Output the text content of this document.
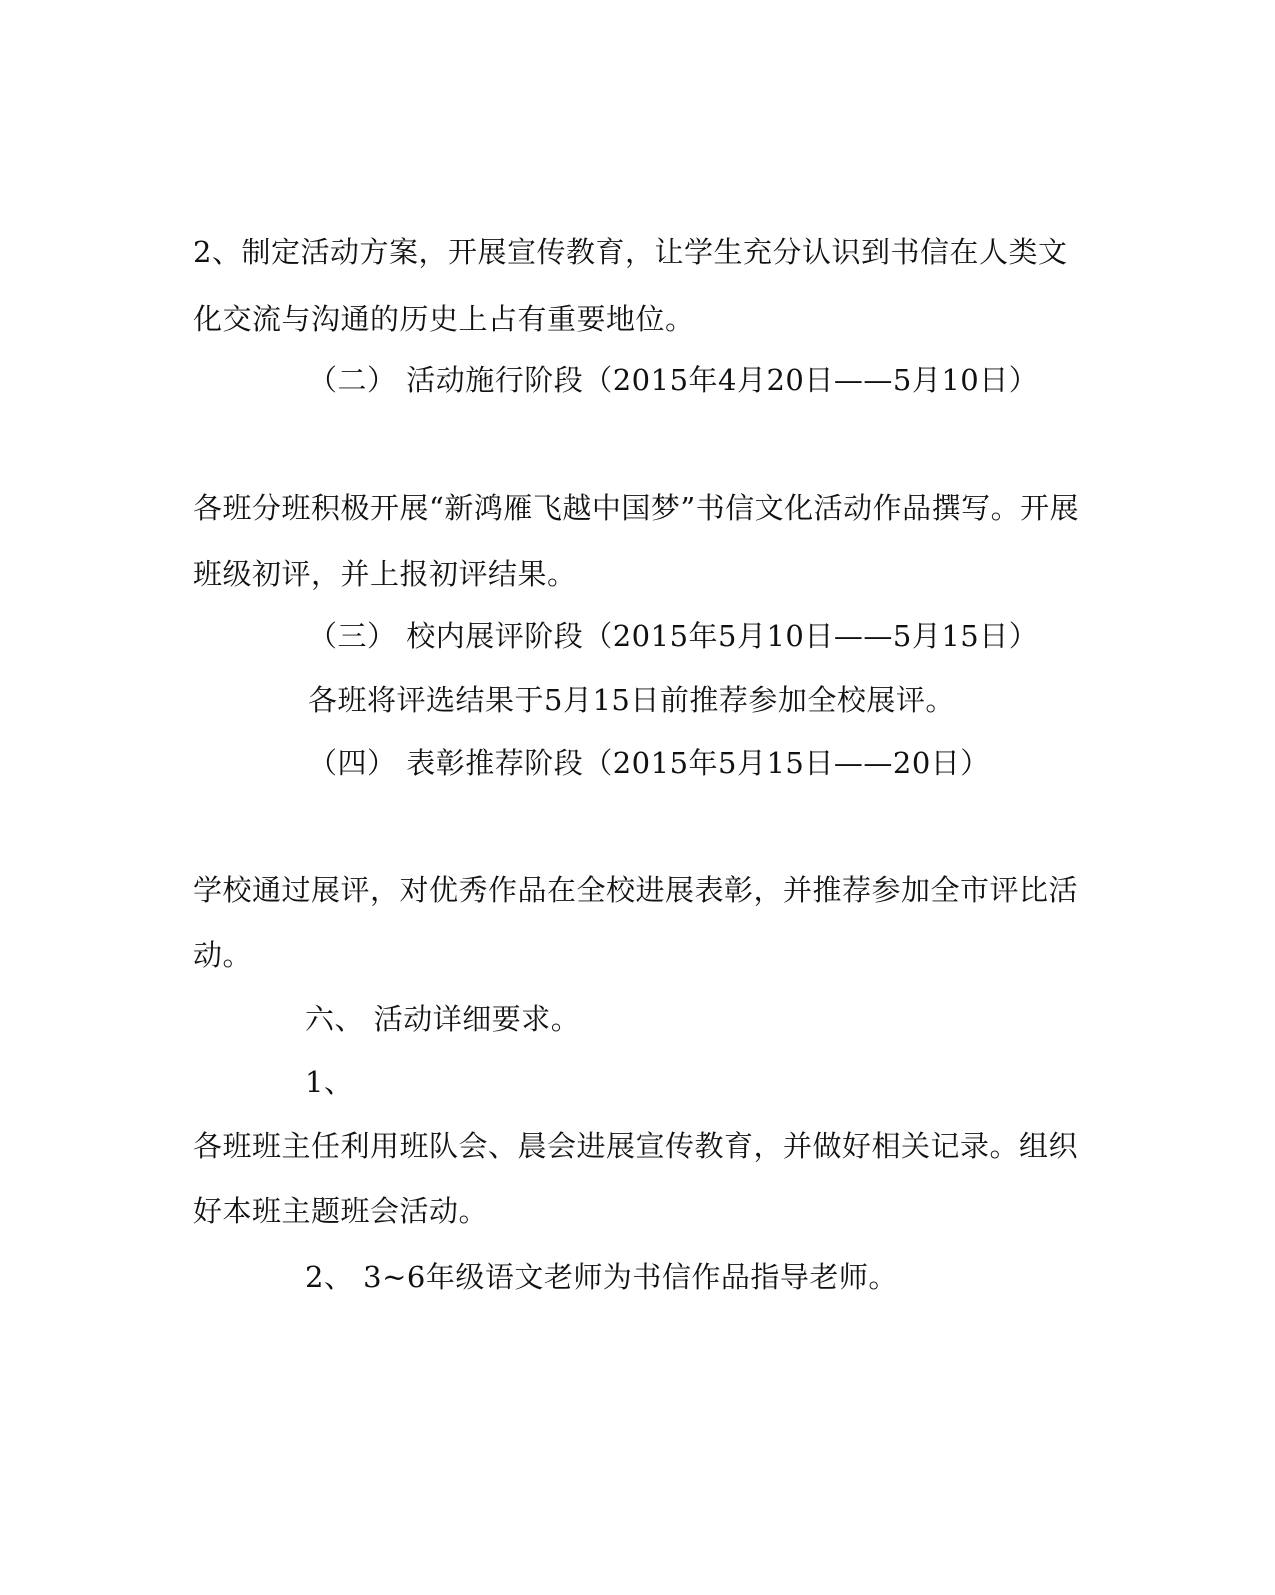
2、制定活动方案，开展宣传教育，让学生充分认识到书信在人类文
化交流与沟通的历史上占有重要地位。
（二） 活动施行阶段（2015年4月20日——5月10日）
各班分班积极开展“新鸿雁飞越中国梦”书信文化活动作品撰写。开展
班级初评，并上报初评结果。
（三） 校内展评阶段（2015年5月10日——5月15日）
各班将评选结果于5月15日前推荐参加全校展评。
（四） 表彰推荐阶段（2015年5月15日——20日）
学校通过展评，对优秀作品在全校进展表彰，并推荐参加全市评比活
动。
六、 活动详细要求。
1、
各班班主任利用班队会、晨会进展宣传教育，并做好相关记录。组织
好本班主题班会活动。
2、 3~6年级语文老师为书信作品指导老师。
